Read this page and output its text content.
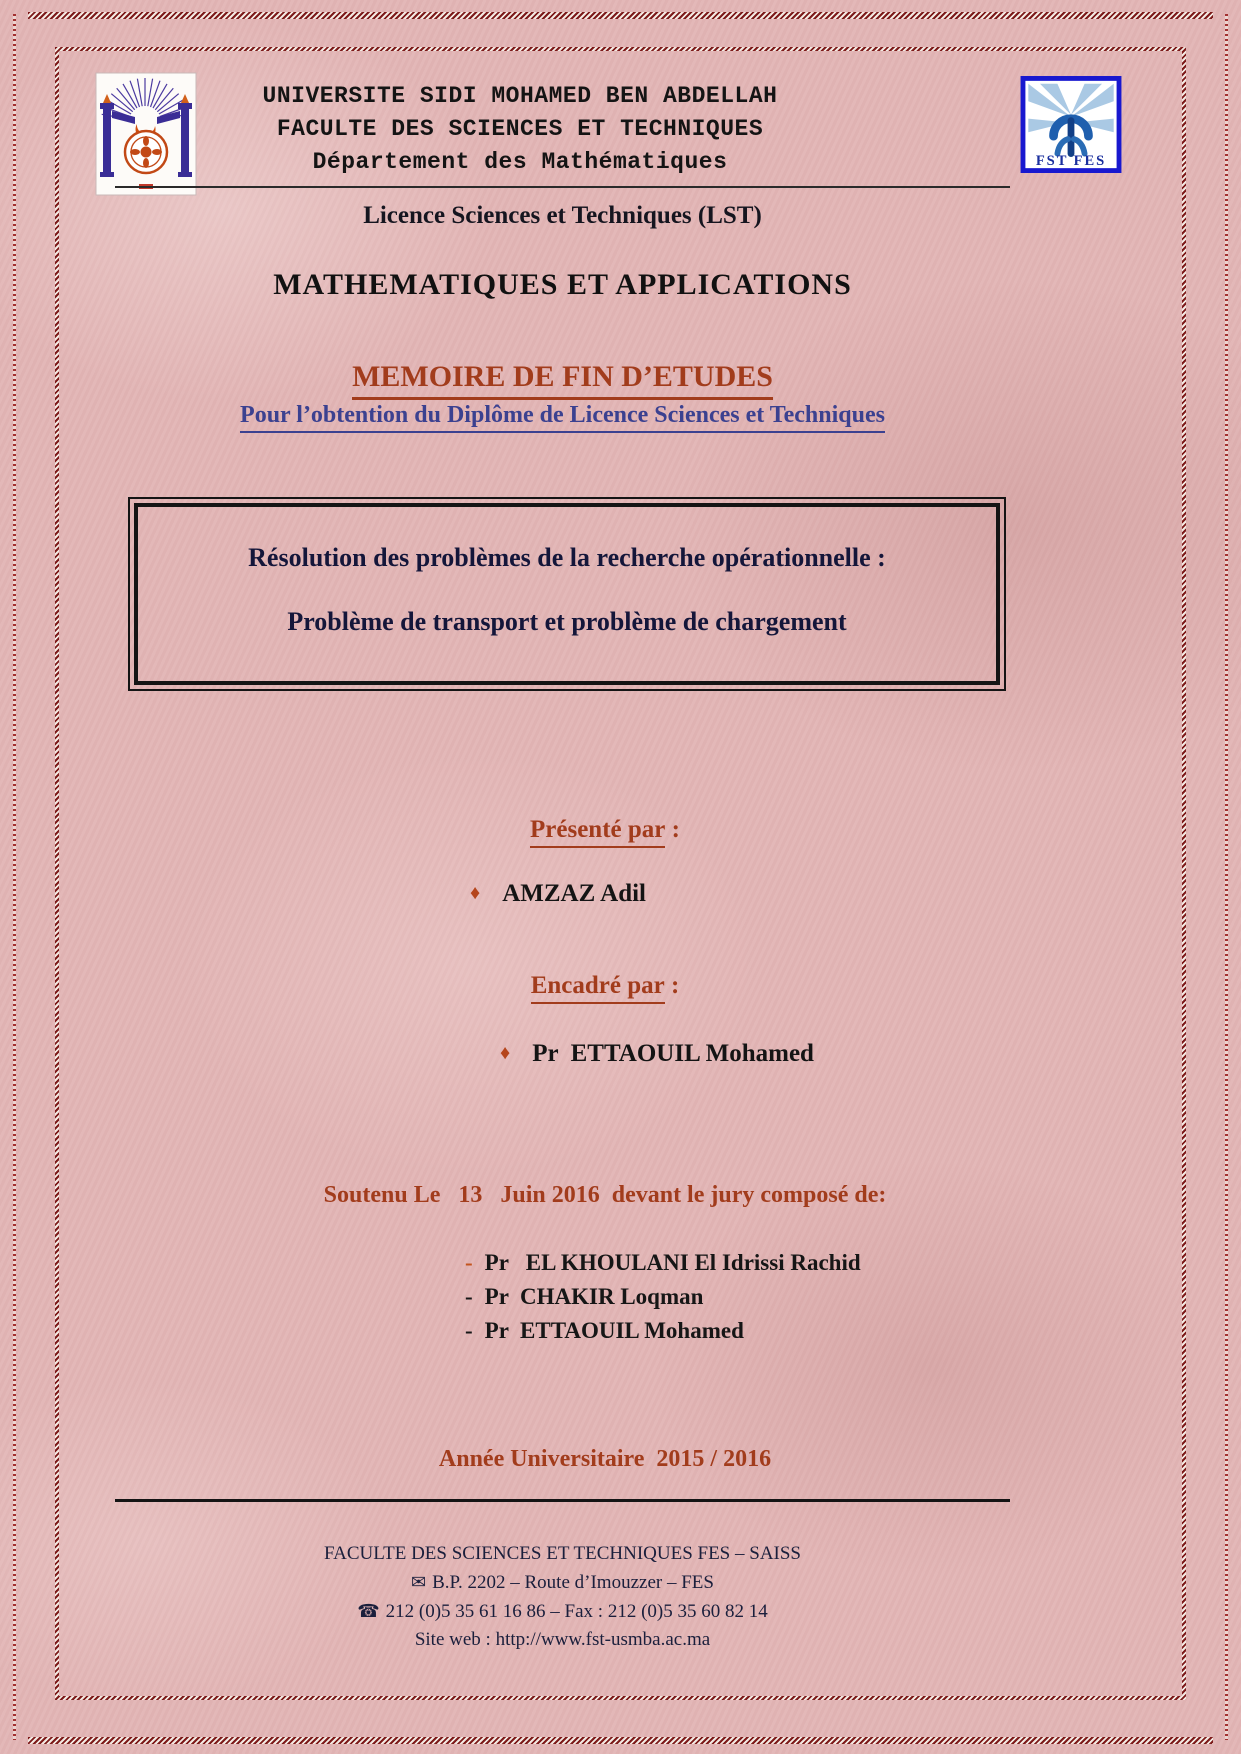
UNIVERSITE SIDI MOHAMED BEN ABDELLAH
FACULTE DES SCIENCES ET TECHNIQUES
Département des Mathématiques	FST FES
Licence Sciences et Techniques (LST)
MATHEMATIQUES ET APPLICATIONS
MEMOIRE DE FIN D’ETUDES
Pour l’obtention du Diplôme de Licence Sciences et Techniques
Résolution des problèmes de la recherche opérationnelle :
Problème de transport et problème de chargement
Présenté par :
♦ AMZAZ Adil
Encadré par :
♦ Pr  ETTAOUIL Mohamed
Soutenu Le   13   Juin 2016  devant le jury composé de:
- Pr   EL KHOULANI El Idrissi Rachid
- Pr  CHAKIR Loqman
- Pr  ETTAOUIL Mohamed
Année Universitaire  2015 / 2016
FACULTE DES SCIENCES ET TECHNIQUES FES – SAISS
✉ B.P. 2202 – Route d’Imouzzer – FES
☎ 212 (0)5 35 61 16 86 – Fax : 212 (0)5 35 60 82 14
Site web : http://www.fst-usmba.ac.ma
